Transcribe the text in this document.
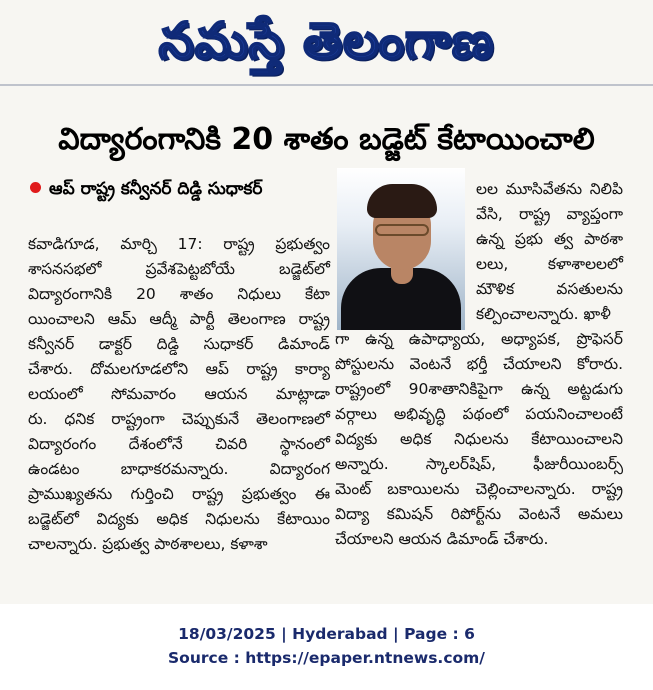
నమస్తే తెలంగాణ
విద్యారంగానికి 20 శాతం బడ్జెట్ కేటాయించాలి
ఆప్ రాష్ట్ర కన్వీనర్ దిడ్డి సుధాకర్
కవాడిగూడ, మార్చి 17: రాష్ట్ర ప్రభుత్వం
శాసనసభలో ప్రవేశపెట్టబోయే బడ్జెట్‌లో
విద్యారంగానికి 20 శాతం నిధులు కేటా
యించాలని ఆమ్ ఆద్మీ పార్టీ తెలంగాణ రాష్ట్ర
కన్వీనర్ డాక్టర్ దిడ్డి సుధాకర్ డిమాండ్
చేశారు. దోమలగూడలోని ఆప్ రాష్ట్ర కార్యా
లయంలో సోమవారం ఆయన మాట్లాడా
రు. ధనిక రాష్ట్రంగా చెప్పుకునే తెలంగాణలో
విద్యారంగం దేశంలోనే చివరి స్థానంలో
ఉండటం బాధాకరమన్నారు. విద్యారంగ
ప్రాముఖ్యతను గుర్తించి రాష్ట్ర ప్రభుత్వం ఈ
బడ్జెట్‌లో విద్యకు అధిక నిధులను కేటాయిం
చాలన్నారు. ప్రభుత్వ పాఠశాలలు, కళాశా
లల మూసివేతను నిలిపి
వేసి, రాష్ట్ర వ్యాప్తంగా
ఉన్న ప్రభు త్వ పాఠశా
లలు, కళాశాలలలో
మౌళిక వసతులను
కల్పించాలన్నారు. ఖాళీ
గా ఉన్న ఉపాధ్యాయ, అధ్యాపక, ప్రొఫెసర్
పోస్టులను వెంటనే భర్తీ చేయాలని కోరారు.
రాష్ట్రంలో 90శాతానికిపైగా ఉన్న అట్టడుగు
వర్గాలు అభివృద్ధి పథంలో పయనించాలంటే
విద్యకు అధిక నిధులను కేటాయించాలని
అన్నారు. స్కాలర్‌షిప్, ఫీజురీయింబర్స్
మెంట్ బకాయిలను చెల్లించాలన్నారు. రాష్ట్ర
విద్యా కమిషన్ రిపోర్ట్‌ను వెంటనే అమలు
చేయాలని ఆయన డిమాండ్ చేశారు.
18/03/2025 | Hyderabad | Page : 6
Source : https://epaper.ntnews.com/
